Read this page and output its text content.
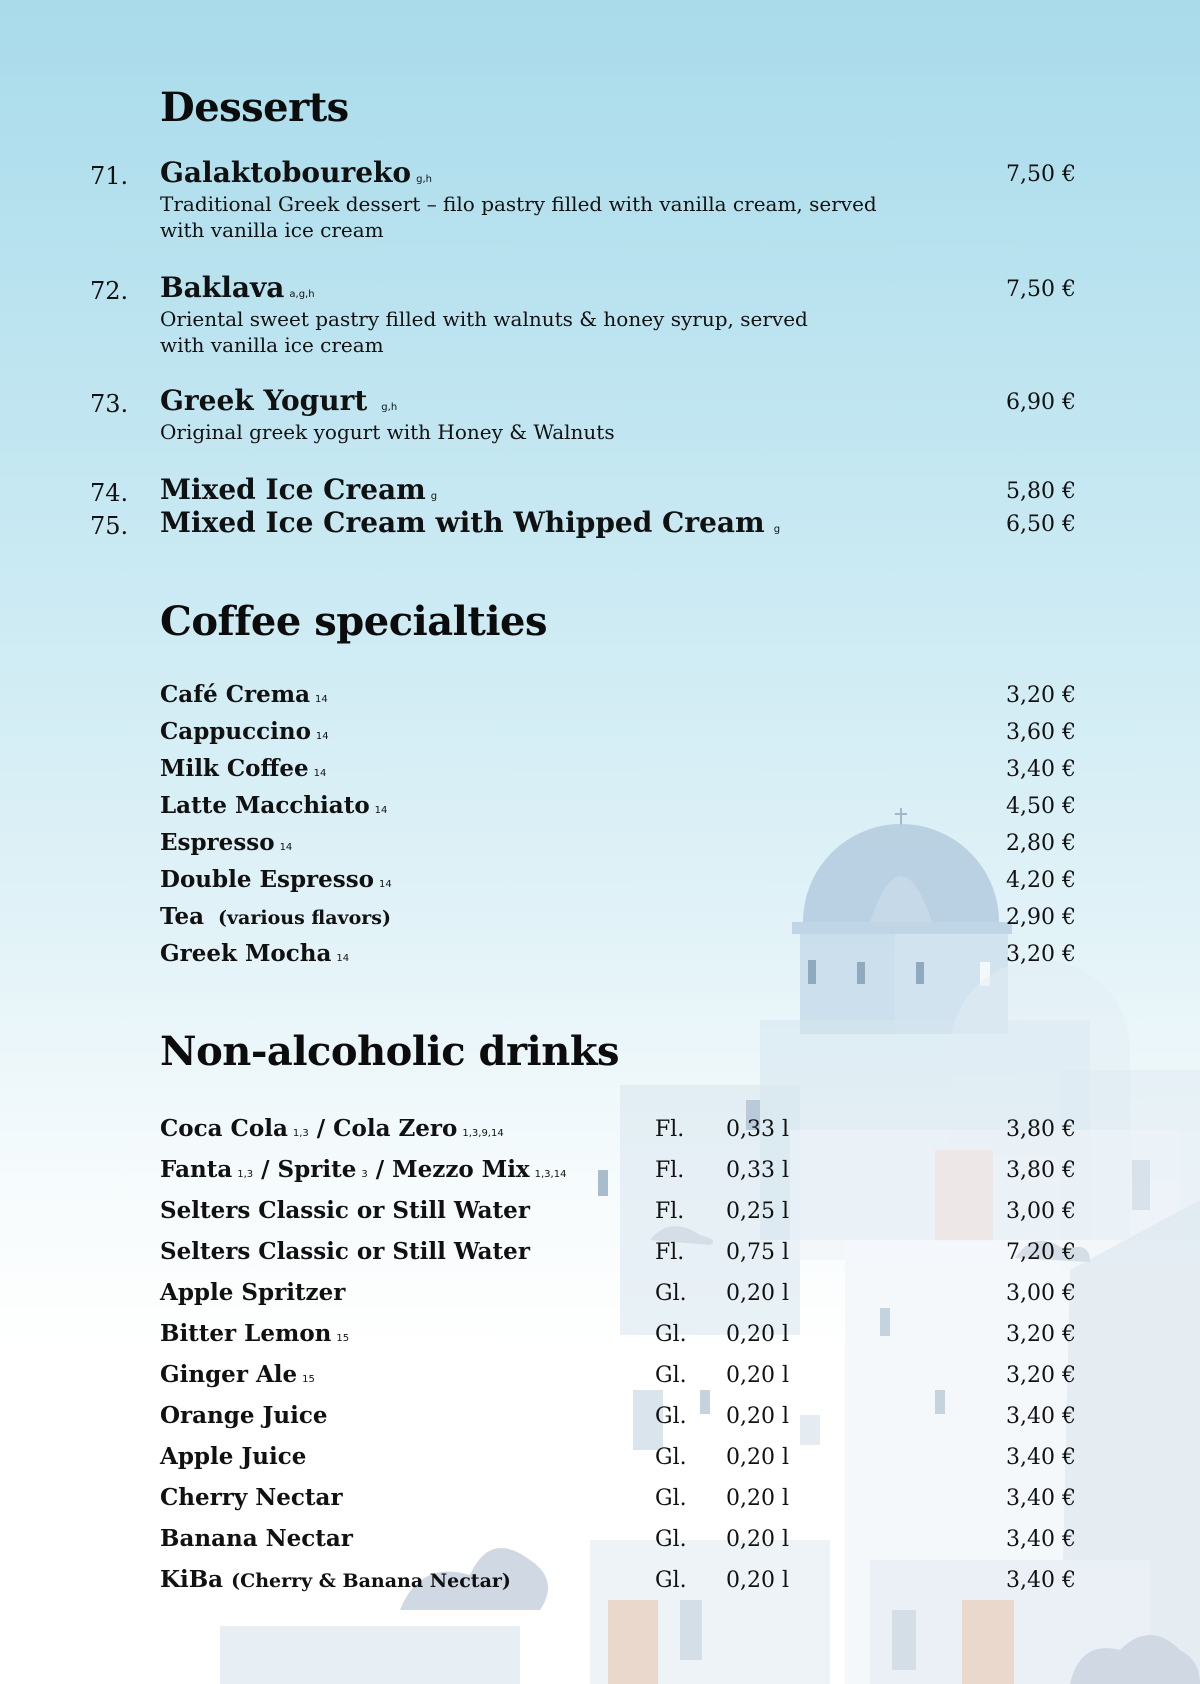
Desserts
71. Galaktoboureko g,h	7,50 €
Traditional Greek dessert – filo pastry filled with vanilla cream, served
with vanilla ice cream
72. Baklava a,g,h	7,50 €
Oriental sweet pastry filled with walnuts & honey syrup, served
with vanilla ice cream
73. Greek Yogurt g,h	6,90 €
Original greek yogurt with Honey & Walnuts
74. Mixed Ice Cream g	5,80 €
75. Mixed Ice Cream with Whipped Cream g	6,50 €
Coffee specialties
Café Crema 14	3,20 €
Cappuccino 14	3,60 €
Milk Coffee 14	3,40 €
Latte Macchiato 14	4,50 €
Espresso 14	2,80 €
Double Espresso 14	4,20 €
Tea (various flavors)	2,90 €
Greek Mocha 14	3,20 €
Non-alcoholic drinks
Coca Cola 1,3 / Cola Zero 1,3,9,14	Fl. 0,33 l	3,80 €
Fanta 1,3 / Sprite 3 / Mezzo Mix 1,3,14	Fl. 0,33 l	3,80 €
Selters Classic or Still Water	Fl. 0,25 l	3,00 €
Selters Classic or Still Water	Fl. 0,75 l	7,20 €
Apple Spritzer	Gl. 0,20 l	3,00 €
Bitter Lemon 15	Gl. 0,20 l	3,20 €
Ginger Ale 15	Gl. 0,20 l	3,20 €
Orange Juice	Gl. 0,20 l	3,40 €
Apple Juice	Gl. 0,20 l	3,40 €
Cherry Nectar	Gl. 0,20 l	3,40 €
Banana Nectar	Gl. 0,20 l	3,40 €
KiBa (Cherry & Banana Nectar)	Gl. 0,20 l	3,40 €
